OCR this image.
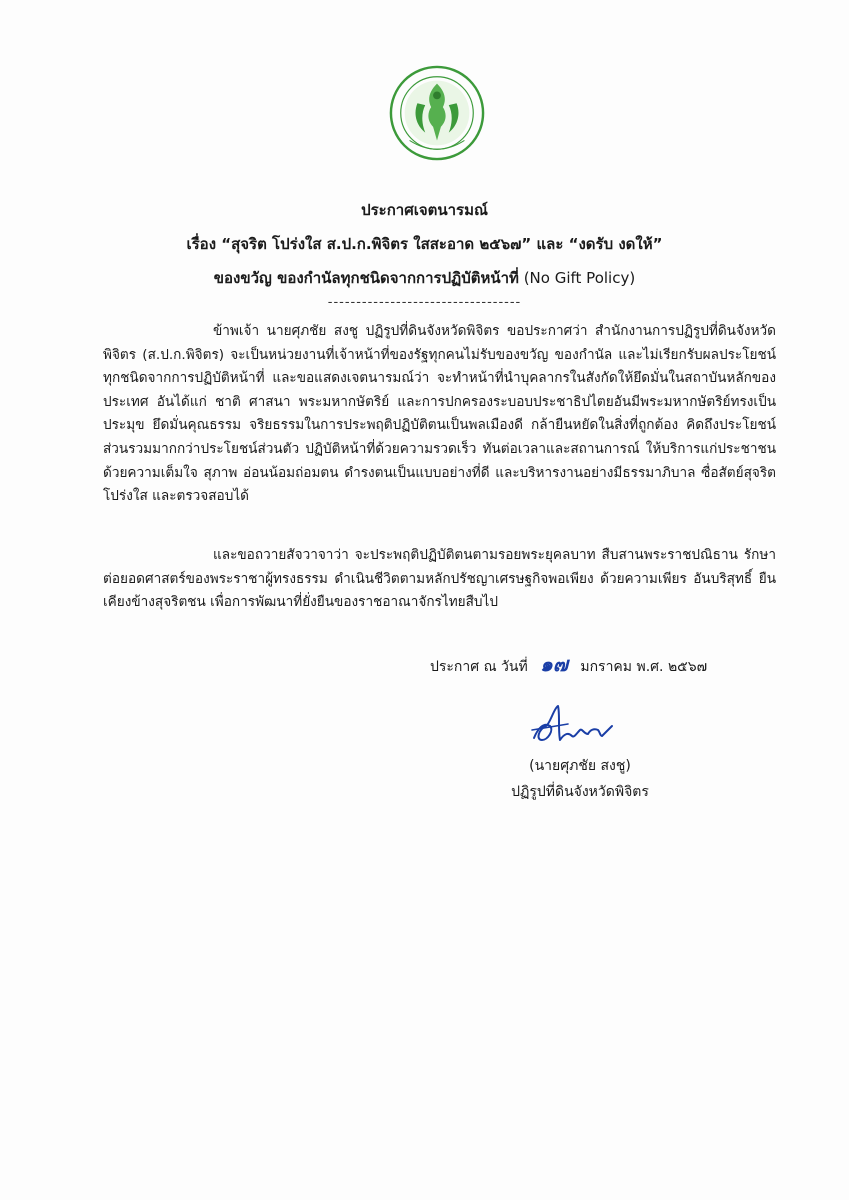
ประกาศเจตนารมณ์
เรื่อง “สุจริต โปร่งใส ส.ป.ก.พิจิตร ใสสะอาด ๒๕๖๗” และ “งดรับ งดให้”
ของขวัญ ของกำนัลทุกชนิดจากการปฏิบัติหน้าที่ (No Gift Policy)
----------------------------------
ข้าพเจ้า นายศุภชัย สงชู ปฏิรูปที่ดินจังหวัดพิจิตร ขอประกาศว่า สำนักงานการปฏิรูปที่ดินจังหวัดพิจิตร (ส.ป.ก.พิจิตร) จะเป็นหน่วยงานที่เจ้าหน้าที่ของรัฐทุกคนไม่รับของขวัญ ของกำนัล และไม่เรียกรับผลประโยชน์ทุกชนิดจากการปฏิบัติหน้าที่ และขอแสดงเจตนารมณ์ว่า จะทำหน้าที่นำบุคลากรในสังกัดให้ยึดมั่นในสถาบันหลักของประเทศ อันได้แก่ ชาติ ศาสนา พระมหากษัตริย์ และการปกครองระบอบประชาธิปไตยอันมีพระมหากษัตริย์ทรงเป็นประมุข ยึดมั่นคุณธรรม จริยธรรมในการประพฤติปฏิบัติตนเป็นพลเมืองดี กล้ายืนหยัดในสิ่งที่ถูกต้อง คิดถึงประโยชน์ส่วนรวมมากกว่าประโยชน์ส่วนตัว ปฏิบัติหน้าที่ด้วยความรวดเร็ว ทันต่อเวลาและสถานการณ์ ให้บริการแก่ประชาชนด้วยความเต็มใจ สุภาพ อ่อนน้อมถ่อมตน ดำรงตนเป็นแบบอย่างที่ดี และบริหารงานอย่างมีธรรมาภิบาล ซื่อสัตย์สุจริต โปร่งใส และตรวจสอบได้
และขอถวายสัจวาจาว่า จะประพฤติปฏิบัติตนตามรอยพระยุคลบาท สืบสานพระราชปณิธาน รักษา ต่อยอดศาสตร์ของพระราชาผู้ทรงธรรม ดำเนินชีวิตตามหลักปรัชญาเศรษฐกิจพอเพียง ด้วยความเพียร อันบริสุทธิ์ ยืนเคียงข้างสุจริตชน เพื่อการพัฒนาที่ยั่งยืนของราชอาณาจักรไทยสืบไป
ประกาศ ณ วันที่ ๑๗ มกราคม พ.ศ. ๒๕๖๗
(นายศุภชัย สงชู)
ปฏิรูปที่ดินจังหวัดพิจิตร
